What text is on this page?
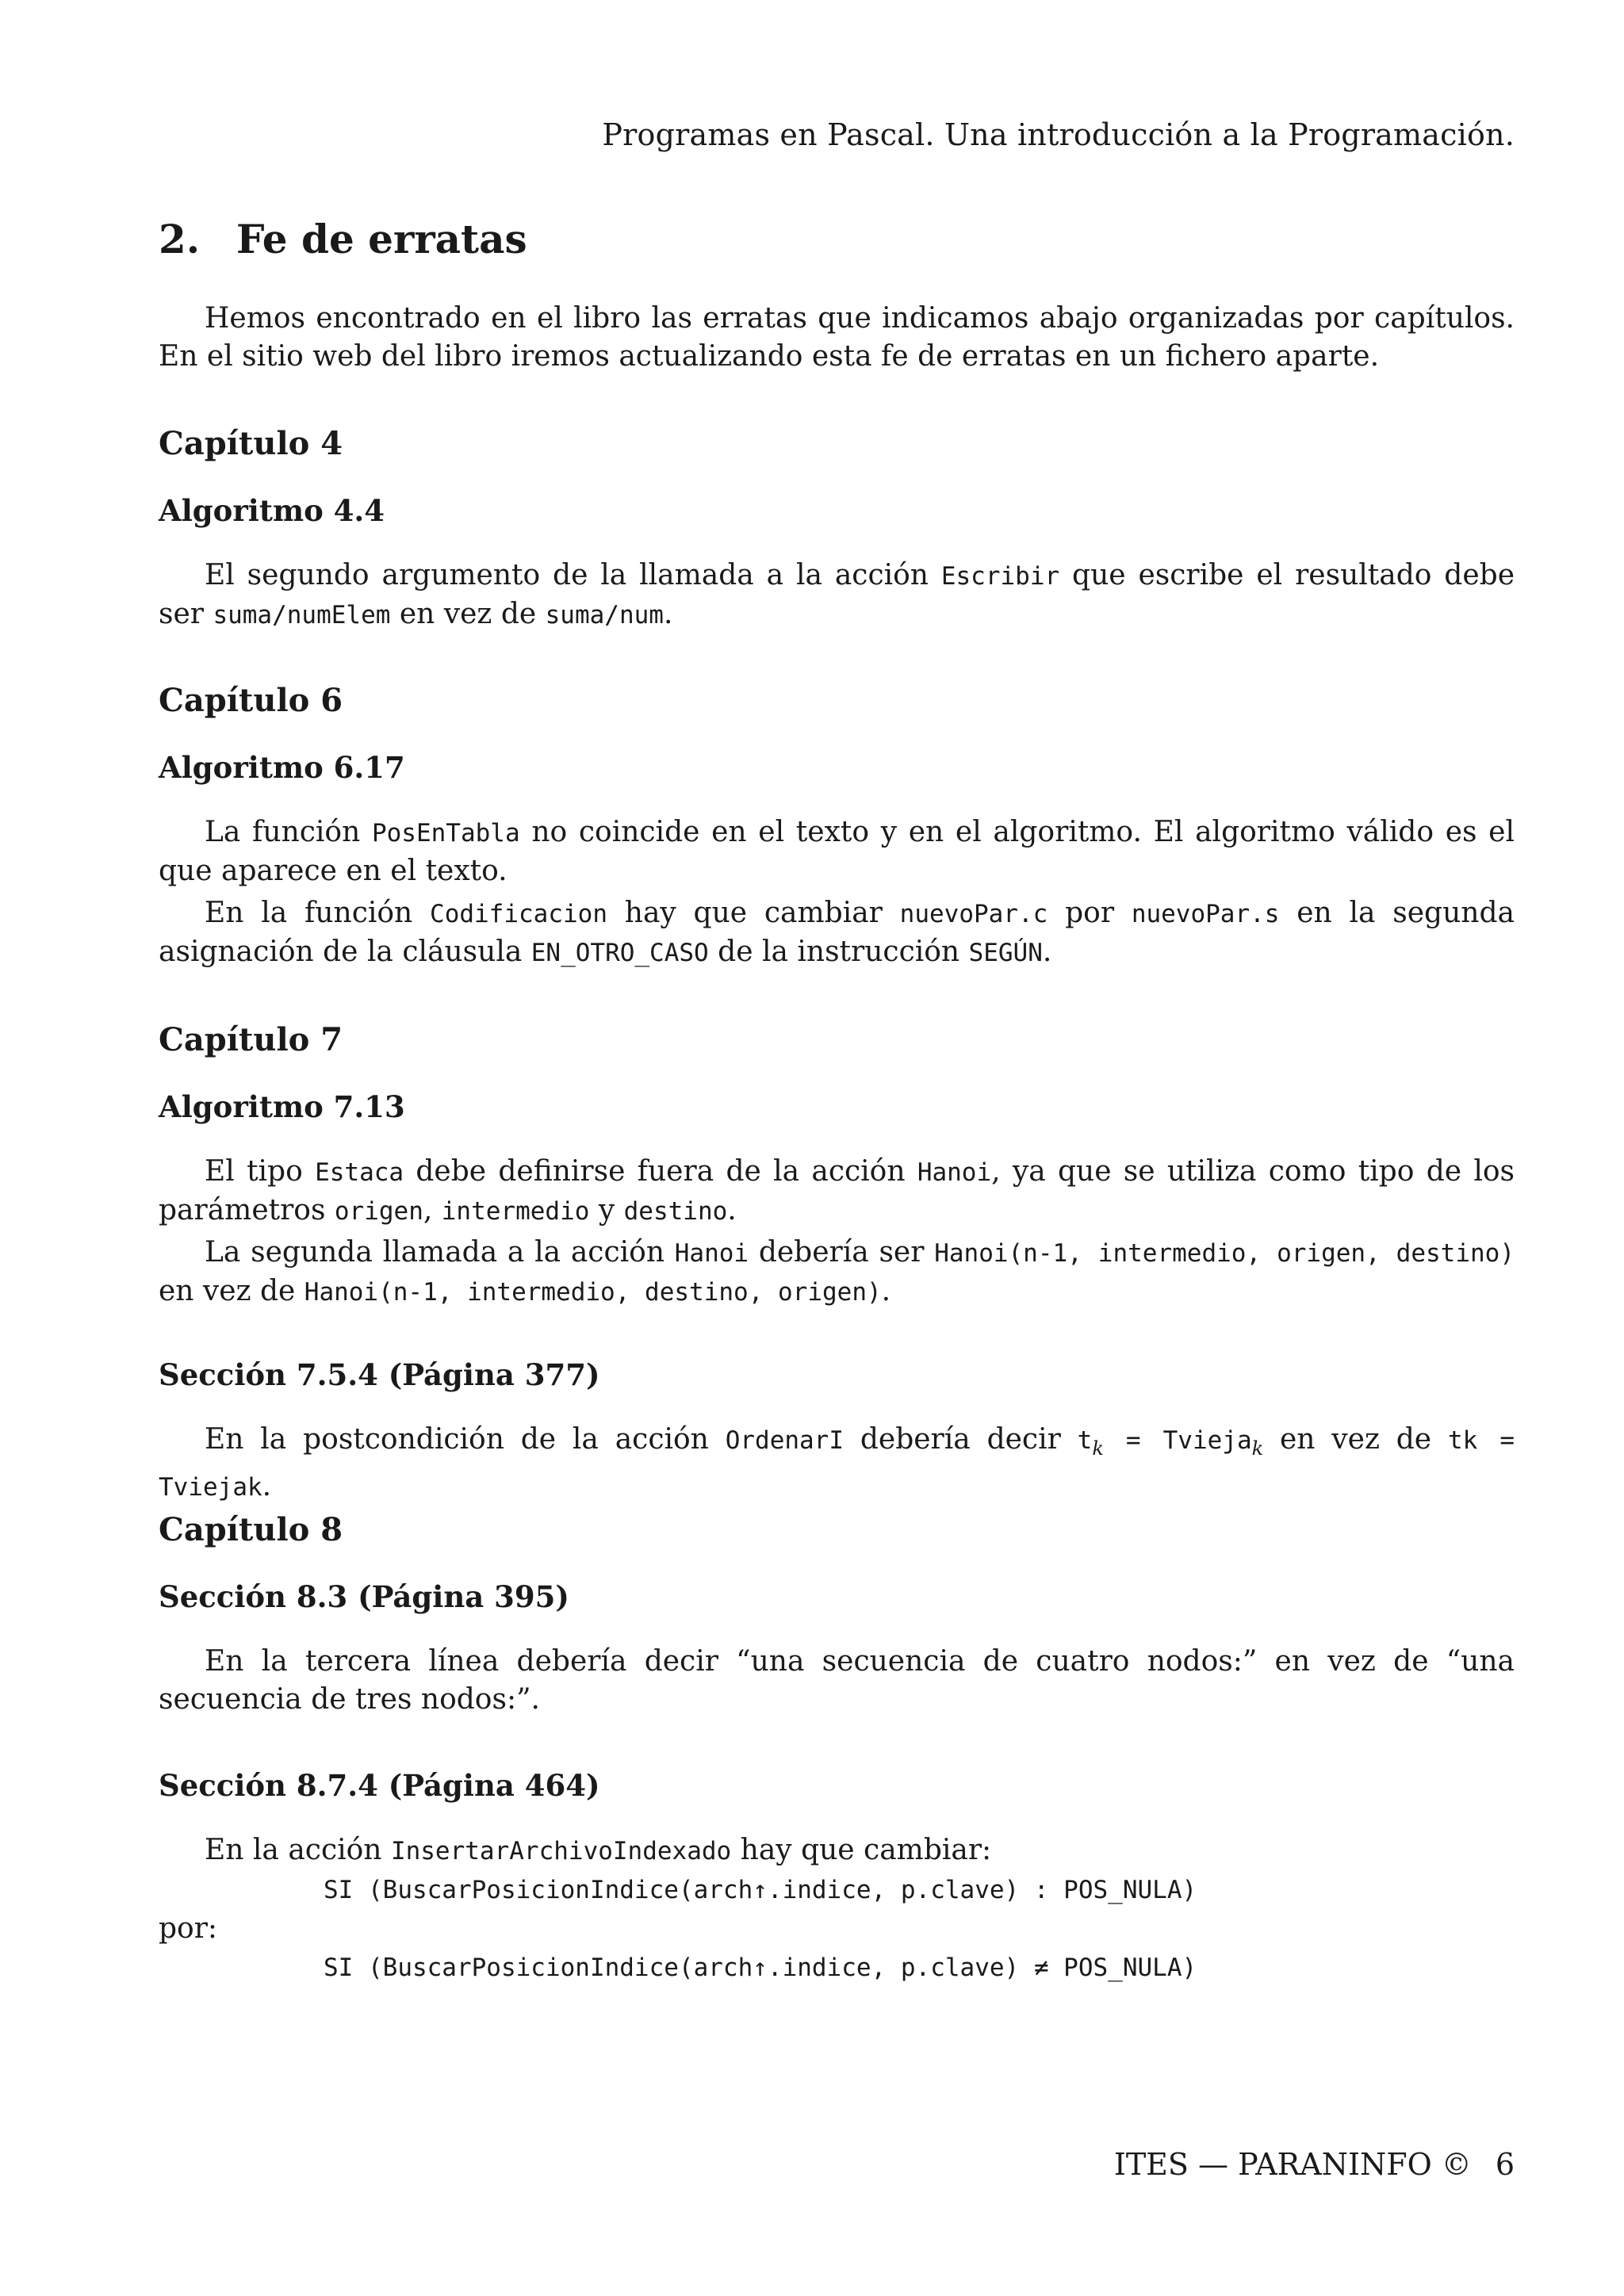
Programas en Pascal. Una introducción a la Programación.
2. Fe de erratas

Hemos encontrado en el libro las erratas que indicamos abajo organizadas por capítulos. En el sitio web del libro iremos actualizando esta fe de erratas en un fichero aparte.

Capítulo 4
Algoritmo 4.4

El segundo argumento de la llamada a la acción Escribir que escribe el resultado debe ser suma/numElem en vez de suma/num.

Capítulo 6
Algoritmo 6.17

La función PosEnTabla no coincide en el texto y en el algoritmo. El algoritmo válido es el que aparece en el texto.

En la función Codificacion hay que cambiar nuevoPar.c por nuevoPar.s en la segunda asignación de la cláusula EN_OTRO_CASO de la instrucción SEGÚN.

Capítulo 7
Algoritmo 7.13

El tipo Estaca debe definirse fuera de la acción Hanoi, ya que se utiliza como tipo de los parámetros origen, intermedio y destino.

La segunda llamada a la acción Hanoi debería ser Hanoi(n-1, intermedio, origen, destino) en vez de Hanoi(n-1, intermedio, destino, origen).

Sección 7.5.4 (Página 377)

En la postcondición de la acción OrdenarI debería decir $t_k$ = Tvieja$_k$ en vez de tk = Tviejak.

Capítulo 8
Sección 8.3 (Página 395)

En la tercera línea debería decir “una secuencia de cuatro nodos:” en vez de “una secuencia de tres nodos:”.

Sección 8.7.4 (Página 464)

En la acción InsertarArchivoIndexado hay que cambiar:

SI (BuscarPosicionIndice(arch↑.indice, p.clave) : POS_NULA)
por:
SI (BuscarPosicionIndice(arch↑.indice, p.clave) ≠ POS_NULA)
ITES — PARANINFO © 6
